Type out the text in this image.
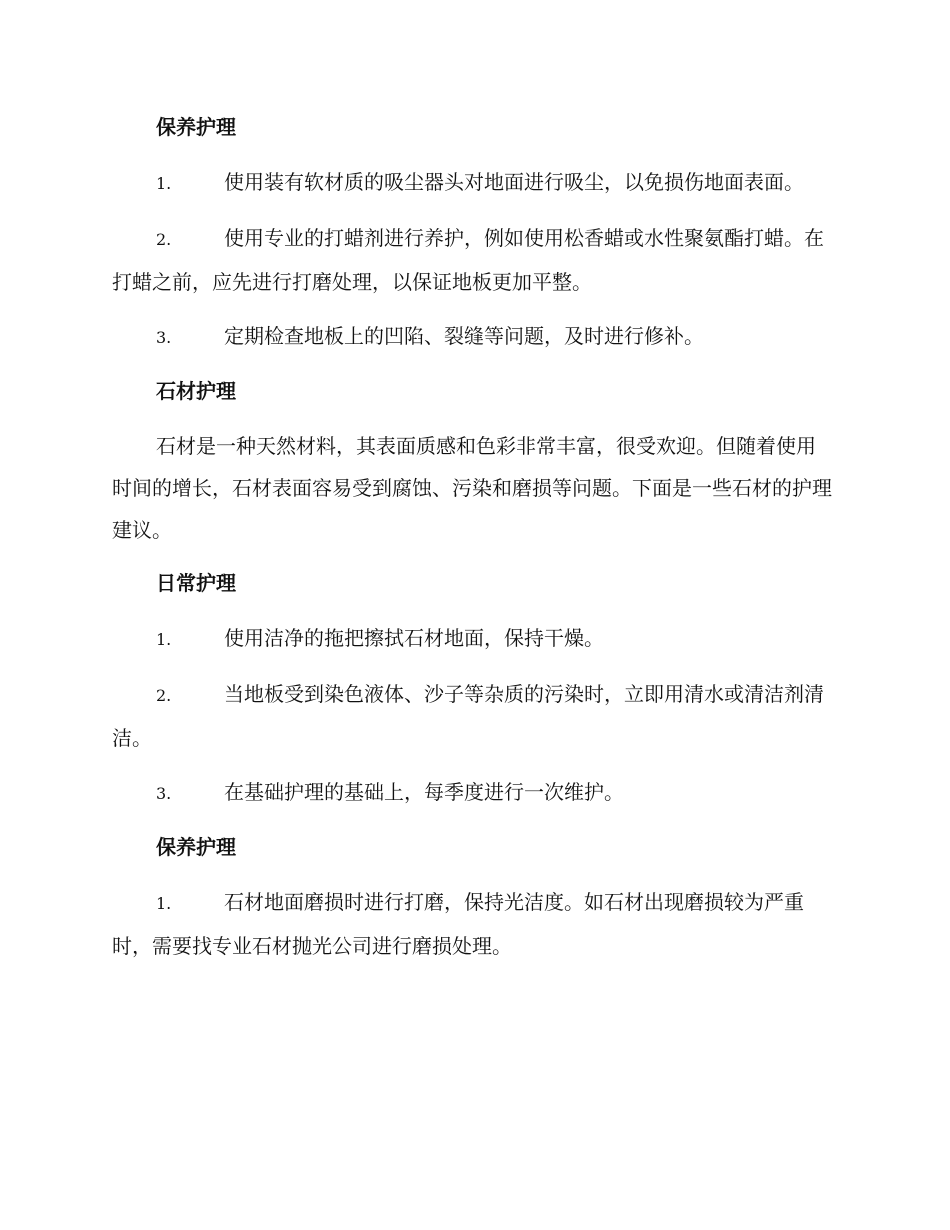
保养护理
1.	使用装有软材质的吸尘器头对地面进行吸尘，以免损伤地面表面。
2.	使用专业的打蜡剂进行养护，例如使用松香蜡或水性聚氨酯打蜡。在打蜡之前，应先进行打磨处理，以保证地板更加平整。
3.	定期检查地板上的凹陷、裂缝等问题，及时进行修补。
石材护理
石材是一种天然材料，其表面质感和色彩非常丰富，很受欢迎。但随着使用时间的增长，石材表面容易受到腐蚀、污染和磨损等问题。下面是一些石材的护理建议。
日常护理
1.	使用洁净的拖把擦拭石材地面，保持干燥。
2.	当地板受到染色液体、沙子等杂质的污染时，立即用清水或清洁剂清洁。
3.	在基础护理的基础上，每季度进行一次维护。
保养护理
1.	石材地面磨损时进行打磨，保持光洁度。如石材出现磨损较为严重时，需要找专业石材抛光公司进行磨损处理。
